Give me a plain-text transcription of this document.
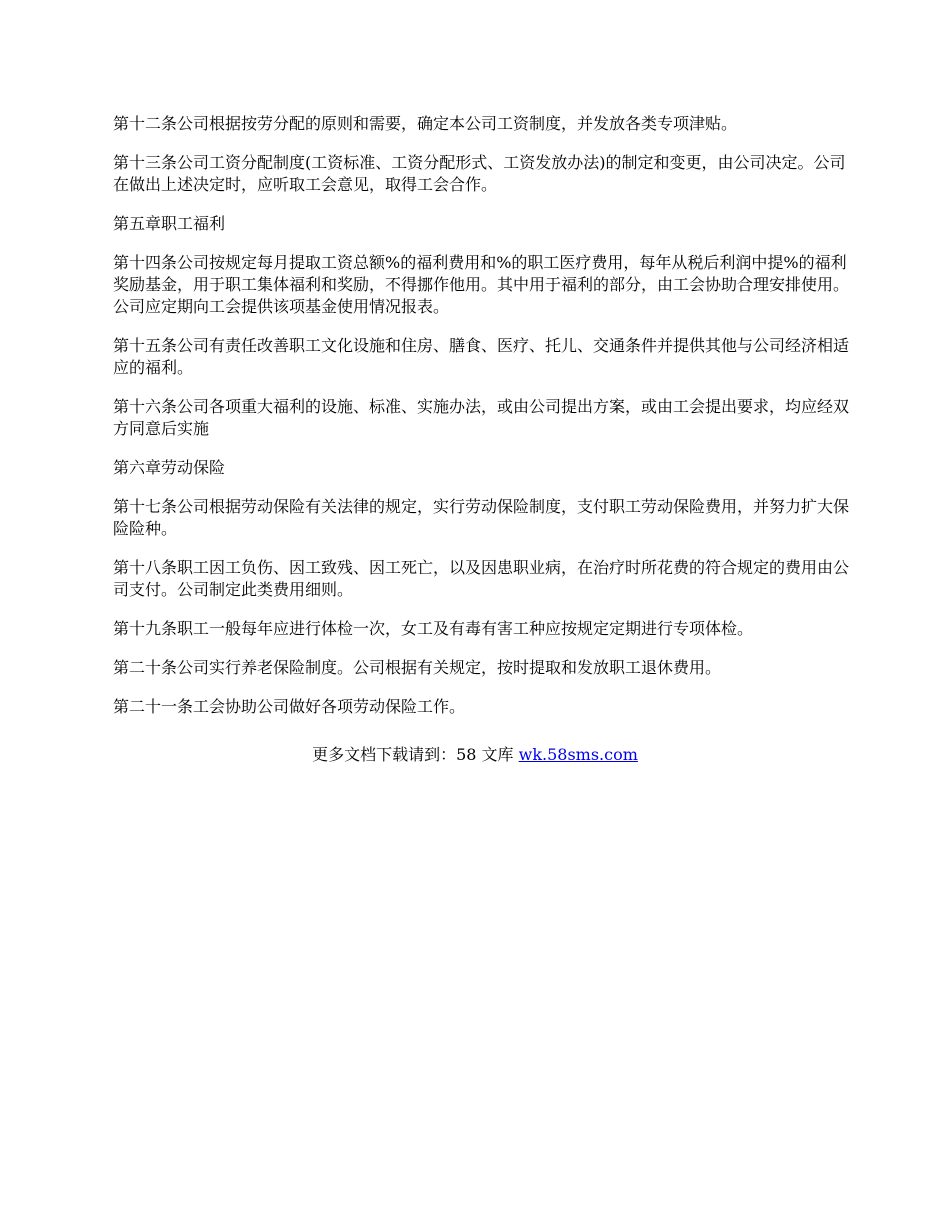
第十二条公司根据按劳分配的原则和需要，确定本公司工资制度，并发放各类专项津贴。

第十三条公司工资分配制度(工资标准、工资分配形式、工资发放办法)的制定和变更，由公司决定。公司在做出上述决定时，应听取工会意见，取得工会合作。

第五章职工福利

第十四条公司按规定每月提取工资总额%的福利费用和%的职工医疗费用，每年从税后利润中提%的福利奖励基金，用于职工集体福利和奖励，不得挪作他用。其中用于福利的部分，由工会协助合理安排使用。公司应定期向工会提供该项基金使用情况报表。

第十五条公司有责任改善职工文化设施和住房、膳食、医疗、托儿、交通条件并提供其他与公司经济相适应的福利。

第十六条公司各项重大福利的设施、标准、实施办法，或由公司提出方案，或由工会提出要求，均应经双方同意后实施

第六章劳动保险

第十七条公司根据劳动保险有关法律的规定，实行劳动保险制度，支付职工劳动保险费用，并努力扩大保险险种。

第十八条职工因工负伤、因工致残、因工死亡，以及因患职业病，在治疗时所花费的符合规定的费用由公司支付。公司制定此类费用细则。

第十九条职工一般每年应进行体检一次，女工及有毒有害工种应按规定定期进行专项体检。

第二十条公司实行养老保险制度。公司根据有关规定，按时提取和发放职工退休费用。

第二十一条工会协助公司做好各项劳动保险工作。

更多文档下载请到：58 文库 wk.58sms.com
